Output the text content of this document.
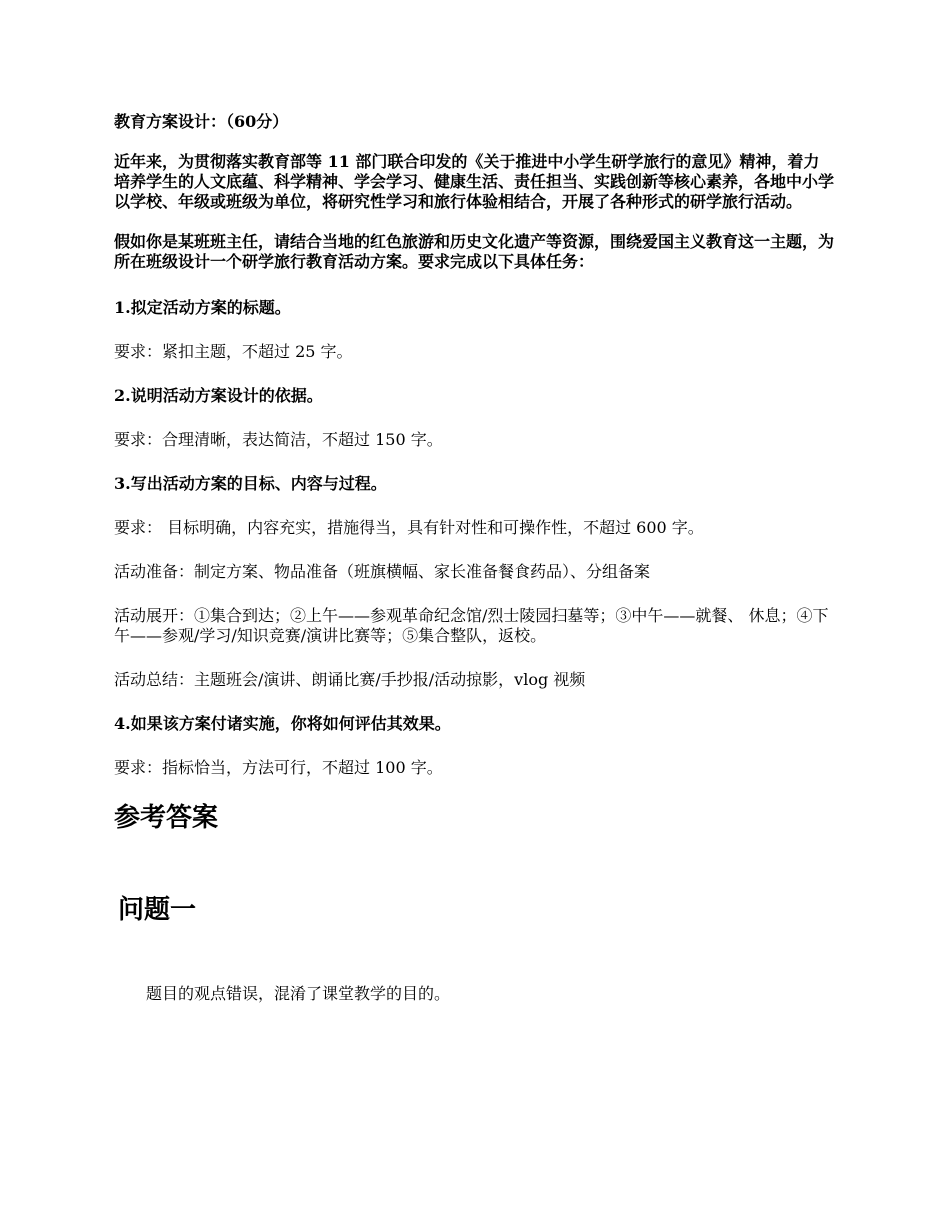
教育方案设计：（60分）

近年来，为贯彻落实教育部等 11 部门联合印发的《关于推进中小学生研学旅行的意见》精神，着力培养学生的人文底蕴、科学精神、学会学习、健康生活、责任担当、实践创新等核心素养，各地中小学以学校、年级或班级为单位，将研究性学习和旅行体验相结合，开展了各种形式的研学旅行活动。

假如你是某班班主任，请结合当地的红色旅游和历史文化遗产等资源，围绕爱国主义教育这一主题，为所在班级设计一个研学旅行教育活动方案。要求完成以下具体任务：

1.拟定活动方案的标题。

要求：紧扣主题，不超过 25 字。

2.说明活动方案设计的依据。

要求：合理清晰，表达简洁，不超过 150 字。

3.写出活动方案的目标、内容与过程。

要求： 目标明确，内容充实，措施得当，具有针对性和可操作性，不超过 600 字。

活动准备：制定方案、物品准备（班旗横幅、家长准备餐食药品）、分组备案

活动展开：①集合到达；②上午——参观革命纪念馆/烈士陵园扫墓等；③中午——就餐、 休息；④下午——参观/学习/知识竞赛/演讲比赛等；⑤集合整队，返校。

活动总结：主题班会/演讲、朗诵比赛/手抄报/活动掠影，vlog 视频

4.如果该方案付诸实施，你将如何评估其效果。

要求：指标恰当，方法可行，不超过 100 字。

参考答案

问题一

题目的观点错误，混淆了课堂教学的目的。
